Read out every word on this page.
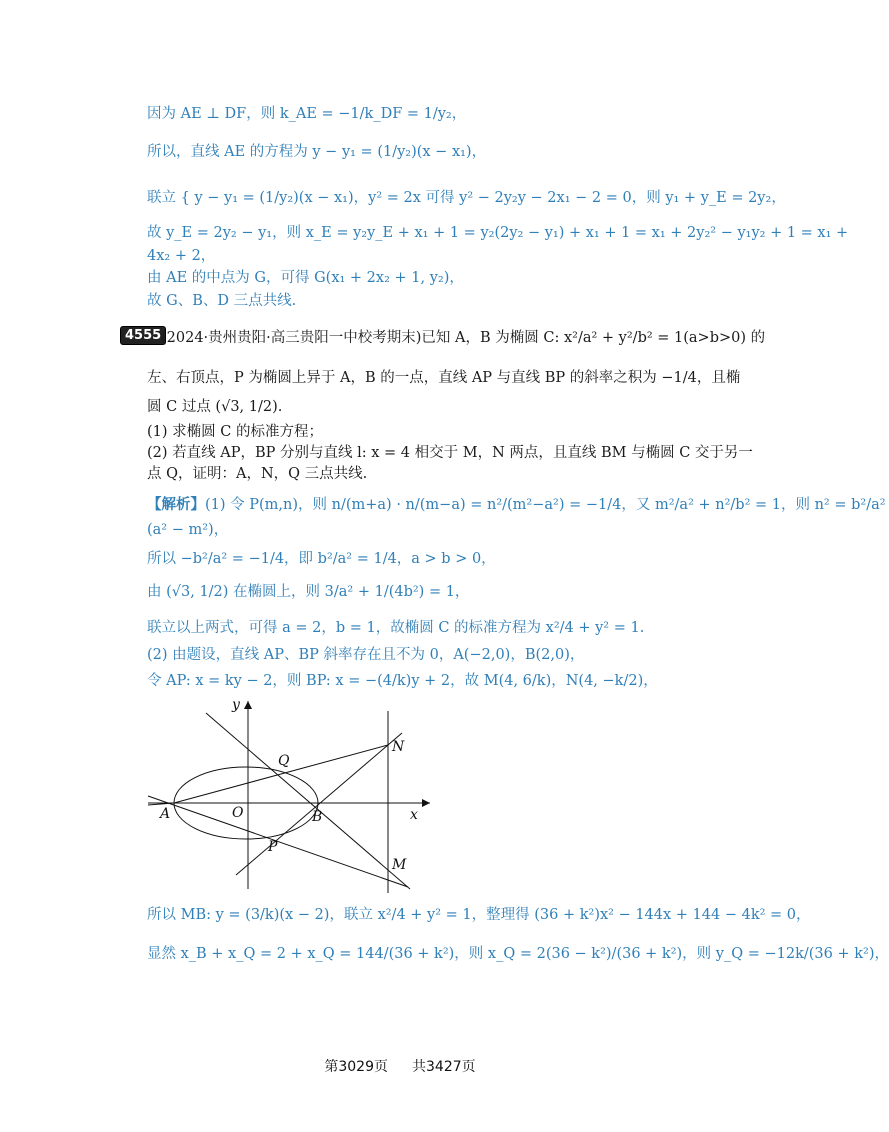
因为 AE ⊥ DF，则 k_AE = −1/k_DF = 1/y₂，
所以，直线 AE 的方程为 y − y₁ = (1/y₂)(x − x₁)，
联立 { y − y₁ = (1/y₂)(x − x₁)，y² = 2x 可得 y² − 2y₂y − 2x₁ − 2 = 0，则 y₁ + y_E = 2y₂，
故 y_E = 2y₂ − y₁，则 x_E = y₂y_E + x₁ + 1 = y₂(2y₂ − y₁) + x₁ + 1 = x₁ + 2y₂² − y₁y₂ + 1 = x₁ +
4x₂ + 2，
由 AE 的中点为 G，可得 G(x₁ + 2x₂ + 1, y₂)，
故 G、B、D 三点共线.
4555 (2024·贵州贵阳·高三贵阳一中校考期末)已知 A，B 为椭圆 C: x²/a² + y²/b² = 1(a>b>0) 的
左、右顶点，P 为椭圆上异于 A，B 的一点，直线 AP 与直线 BP 的斜率之积为 −1/4，且椭
圆 C 过点 (√3, 1/2).
(1) 求椭圆 C 的标准方程；
(2) 若直线 AP，BP 分别与直线 l: x = 4 相交于 M，N 两点，且直线 BM 与椭圆 C 交于另一
点 Q，证明：A，N，Q 三点共线.
【解析】(1) 令 P(m,n)，则 n/(m+a) · n/(m−a) = n²/(m²−a²) = −1/4，又 m²/a² + n²/b² = 1，则 n² = b²/a²
(a² − m²)，
所以 −b²/a² = −1/4，即 b²/a² = 1/4，a > b > 0，
由 (√3, 1/2) 在椭圆上，则 3/a² + 1/(4b²) = 1，
联立以上两式，可得 a = 2，b = 1，故椭圆 C 的标准方程为 x²/4 + y² = 1.
(2) 由题设，直线 AP、BP 斜率存在且不为 0，A(−2,0)，B(2,0)，
令 AP: x = ky − 2，则 BP: x = −(4/k)y + 2，故 M(4, 6/k)，N(4, −k/2)，
y
x
A	O	B
P
Q
N
M
所以 MB: y = (3/k)(x − 2)，联立 x²/4 + y² = 1，整理得 (36 + k²)x² − 144x + 144 − 4k² = 0，
显然 x_B + x_Q = 2 + x_Q = 144/(36 + k²)，则 x_Q = 2(36 − k²)/(36 + k²)，则 y_Q = −12k/(36 + k²)，
第3029页 共3427页
